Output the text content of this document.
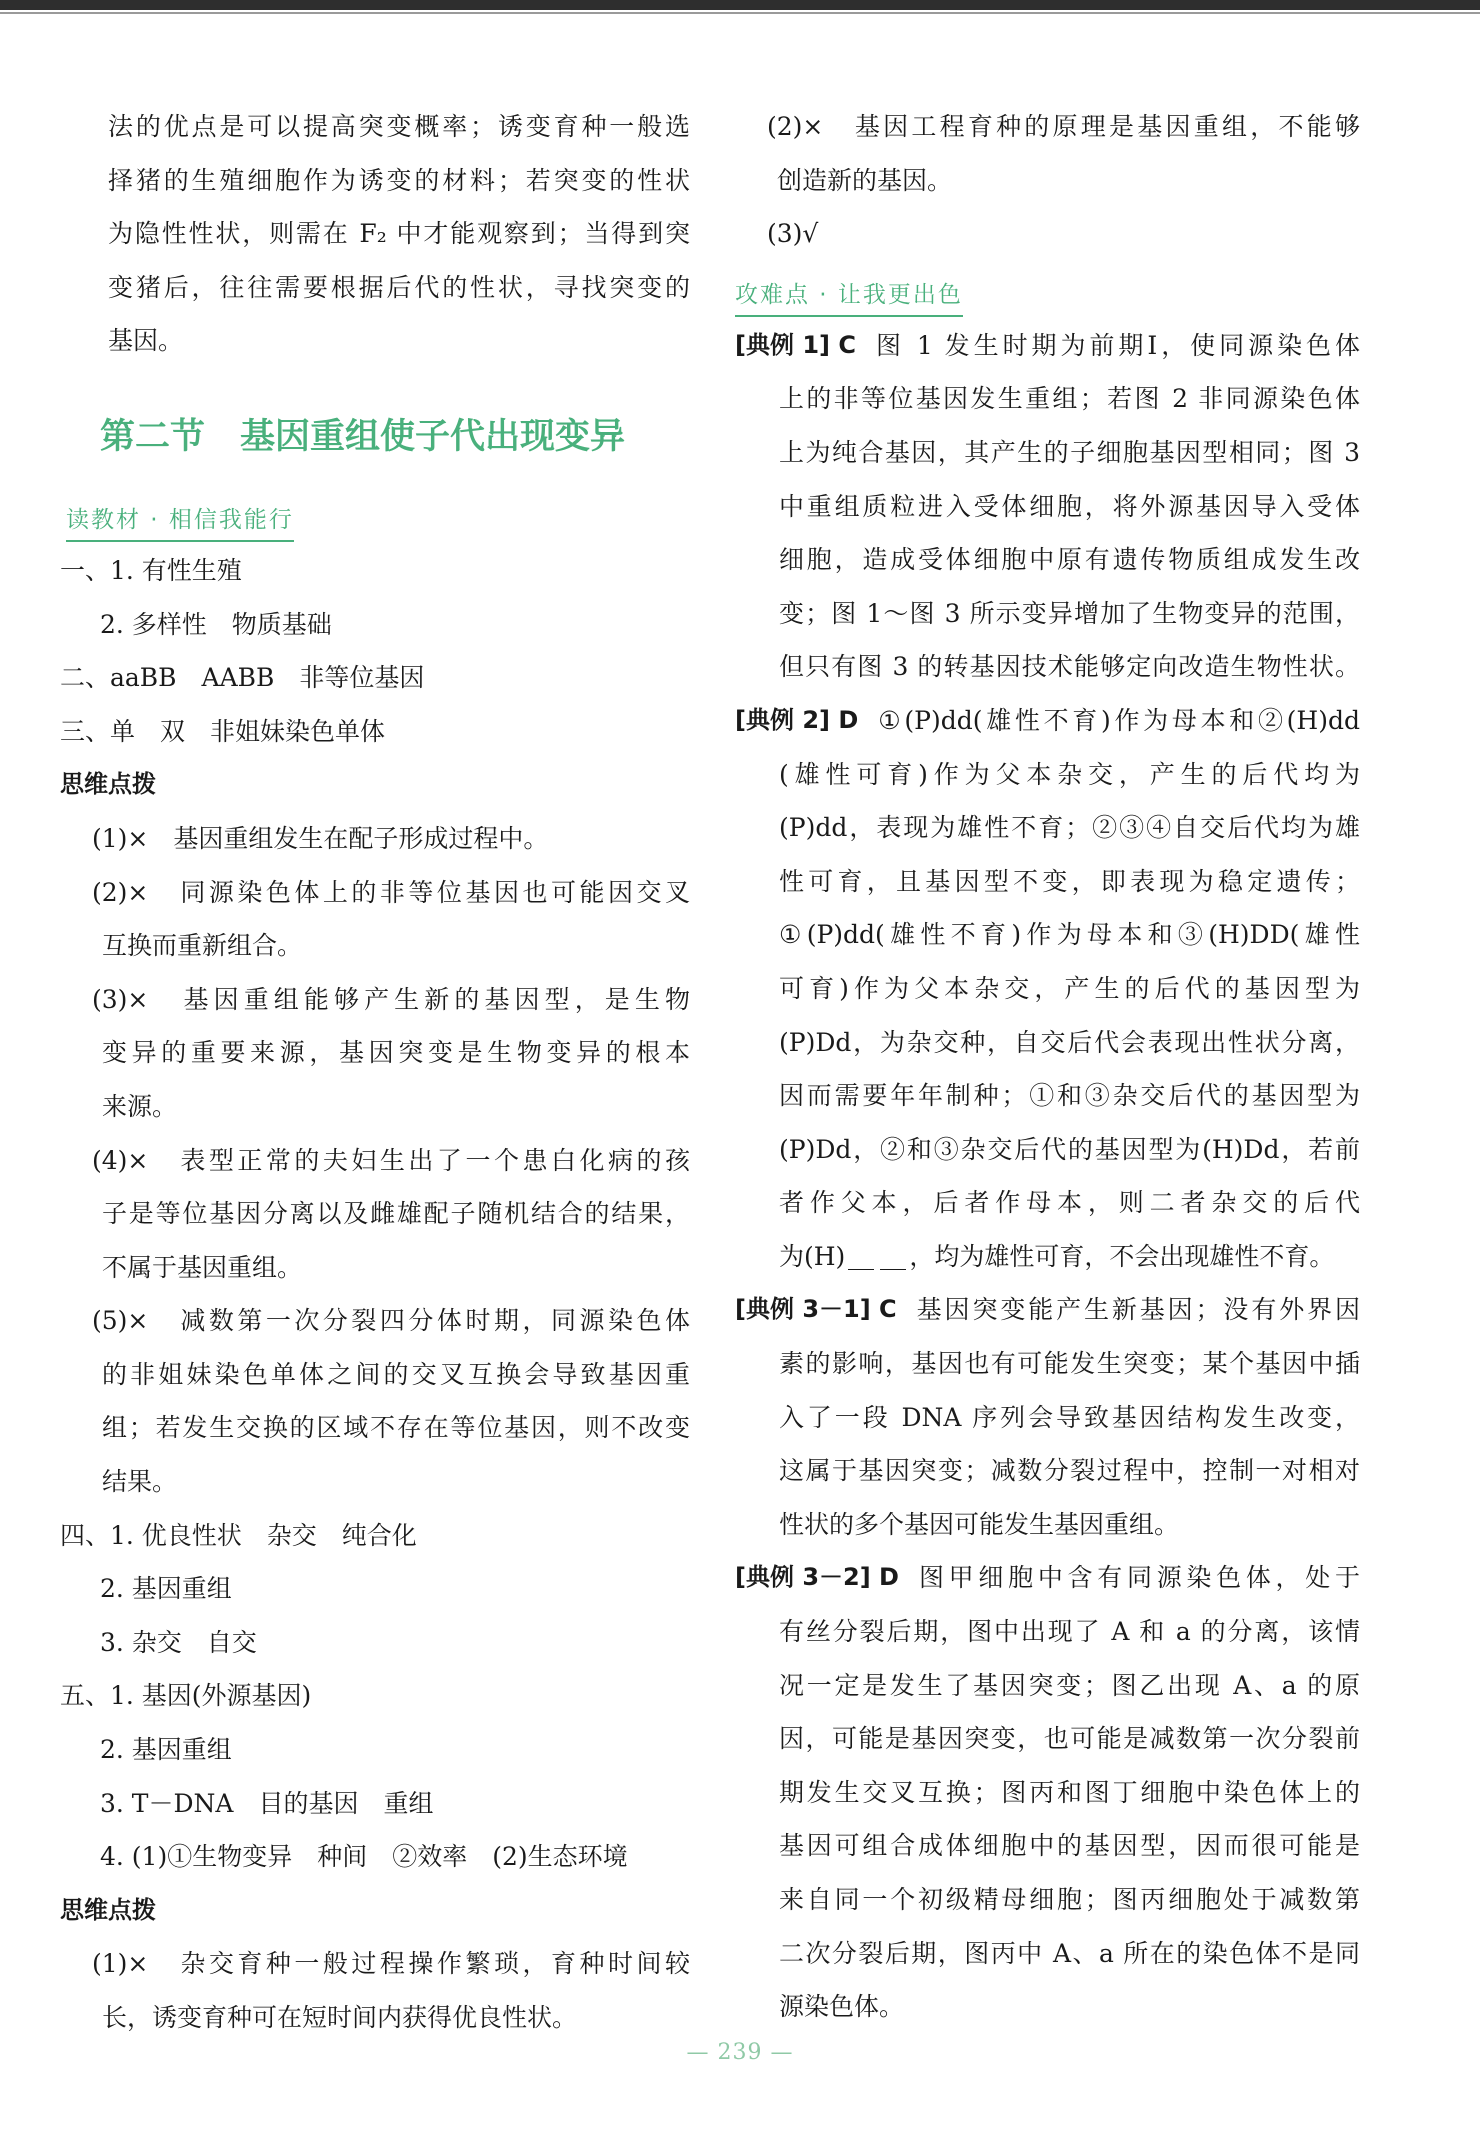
法的优点是可以提高突变概率；诱变育种一般选
择猪的生殖细胞作为诱变的材料；若突变的性状
为隐性性状，则需在 F₂ 中才能观察到；当得到突
变猪后，往往需要根据后代的性状，寻找突变的
基因。
第二节　基因重组使子代出现变异
读教材 · 相信我能行
一、1. 有性生殖
2. 多样性　物质基础
二、aaBB　AABB　非等位基因
三、单　双　非姐妹染色单体
思维点拨
(1)×　基因重组发生在配子形成过程中。
(2)×　同源染色体上的非等位基因也可能因交叉
互换而重新组合。
(3)×　基因重组能够产生新的基因型，是生物
变异的重要来源，基因突变是生物变异的根本
来源。
(4)×　表型正常的夫妇生出了一个患白化病的孩
子是等位基因分离以及雌雄配子随机结合的结果，
不属于基因重组。
(5)×　减数第一次分裂四分体时期，同源染色体
的非姐妹染色单体之间的交叉互换会导致基因重
组；若发生交换的区域不存在等位基因，则不改变
结果。
四、1. 优良性状　杂交　纯合化
2. 基因重组
3. 杂交　自交
五、1. 基因(外源基因)
2. 基因重组
3. T－DNA　目的基因　重组
4. (1)①生物变异　种间　②效率　(2)生态环境
思维点拨
(1)×　杂交育种一般过程操作繁琐，育种时间较
长，诱变育种可在短时间内获得优良性状。
(2)×　基因工程育种的原理是基因重组，不能够
创造新的基因。
(3)√
攻难点 · 让我更出色
[典例 1] C 图 1 发生时期为前期Ⅰ，使同源染色体
上的非等位基因发生重组；若图 2 非同源染色体
上为纯合基因，其产生的子细胞基因型相同；图 3
中重组质粒进入受体细胞，将外源基因导入受体
细胞，造成受体细胞中原有遗传物质组成发生改
变；图 1～图 3 所示变异增加了生物变异的范围，
但只有图 3 的转基因技术能够定向改造生物性状。
[典例 2] D ①(P)dd(雄性不育)作为母本和②(H)dd
(雄性可育)作为父本杂交，产生的后代均为
(P)dd，表现为雄性不育；②③④自交后代均为雄
性可育，且基因型不变，即表现为稳定遗传；
①(P)dd(雄性不育)作为母本和③(H)DD(雄性
可育)作为父本杂交，产生的后代的基因型为
(P)Dd，为杂交种，自交后代会表现出性状分离，
因而需要年年制种；①和③杂交后代的基因型为
(P)Dd，②和③杂交后代的基因型为(H)Dd，若前
者作父本，后者作母本，则二者杂交的后代
为(H)	，均为雄性可育，不会出现雄性不育。
[典例 3－1] C 基因突变能产生新基因；没有外界因
素的影响，基因也有可能发生突变；某个基因中插
入了一段 DNA 序列会导致基因结构发生改变，
这属于基因突变；减数分裂过程中，控制一对相对
性状的多个基因可能发生基因重组。
[典例 3－2] D 图甲细胞中含有同源染色体，处于
有丝分裂后期，图中出现了 A 和 a 的分离，该情
况一定是发生了基因突变；图乙出现 A、a 的原
因，可能是基因突变，也可能是减数第一次分裂前
期发生交叉互换；图丙和图丁细胞中染色体上的
基因可组合成体细胞中的基因型，因而很可能是
来自同一个初级精母细胞；图丙细胞处于减数第
二次分裂后期，图丙中 A、a 所在的染色体不是同
源染色体。
— 239 —
